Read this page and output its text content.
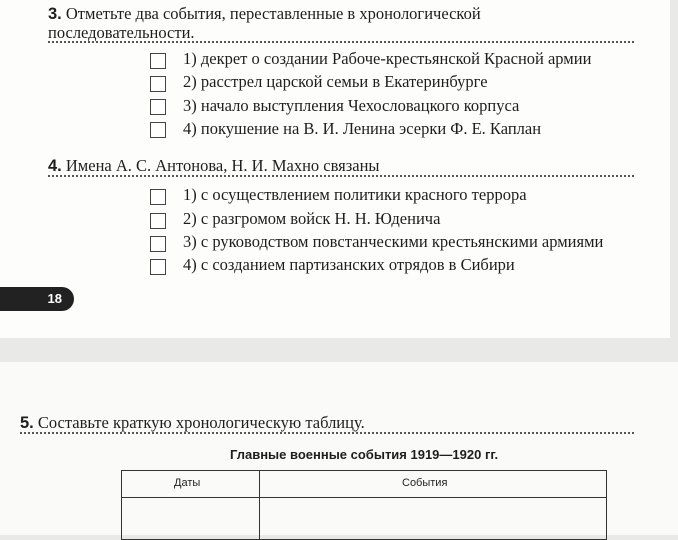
3. Отметьте два события, переставленные в хронологической
последовательности.
1) декрет о создании Рабоче-крестьянской Красной армии
2) расстрел царской семьи в Екатеринбурге
3) начало выступления Чехословацкого корпуса
4) покушение на В. И. Ленина эсерки Ф. Е. Каплан
4. Имена А. С. Антонова, Н. И. Махно связаны
1) с осуществлением политики красного террора
2) с разгромом войск Н. Н. Юденича
3) с руководством повстанческими крестьянскими армиями
4) с созданием партизанских отрядов в Сибири
18
5. Составьте краткую хронологическую таблицу.
Главные военные события 1919—1920 гг.
Даты	События
